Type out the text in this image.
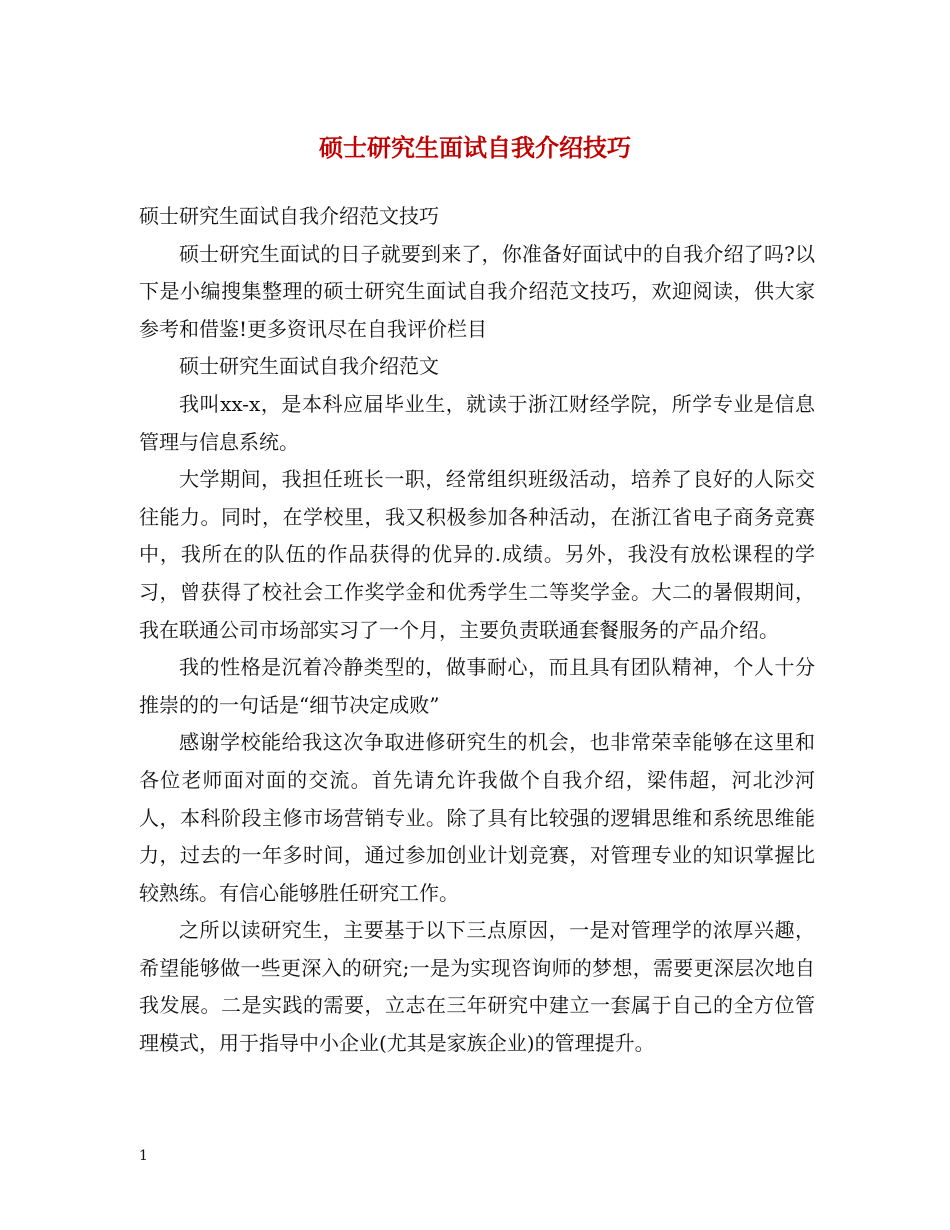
硕士研究生面试自我介绍技巧

硕士研究生面试自我介绍范文技巧

硕士研究生面试的日子就要到来了，你准备好面试中的自我介绍了吗?以下是小编搜集整理的硕士研究生面试自我介绍范文技巧，欢迎阅读，供大家参考和借鉴!更多资讯尽在自我评价栏目

硕士研究生面试自我介绍范文

我叫xx-x，是本科应届毕业生，就读于浙江财经学院，所学专业是信息管理与信息系统。

大学期间，我担任班长一职，经常组织班级活动，培养了良好的人际交往能力。同时，在学校里，我又积极参加各种活动，在浙江省电子商务竞赛中，我所在的队伍的作品获得的优异的.成绩。另外，我没有放松课程的学习，曾获得了校社会工作奖学金和优秀学生二等奖学金。大二的暑假期间，我在联通公司市场部实习了一个月，主要负责联通套餐服务的产品介绍。

我的性格是沉着冷静类型的，做事耐心，而且具有团队精神，个人十分推崇的的一句话是“细节决定成败”

感谢学校能给我这次争取进修研究生的机会，也非常荣幸能够在这里和各位老师面对面的交流。首先请允许我做个自我介绍，梁伟超，河北沙河人，本科阶段主修市场营销专业。除了具有比较强的逻辑思维和系统思维能力，过去的一年多时间，通过参加创业计划竞赛，对管理专业的知识掌握比较熟练。有信心能够胜任研究工作。

之所以读研究生，主要基于以下三点原因，一是对管理学的浓厚兴趣，希望能够做一些更深入的研究;一是为实现咨询师的梦想，需要更深层次地自我发展。二是实践的需要，立志在三年研究中建立一套属于自己的全方位管理模式，用于指导中小企业(尤其是家族企业)的管理提升。

1
